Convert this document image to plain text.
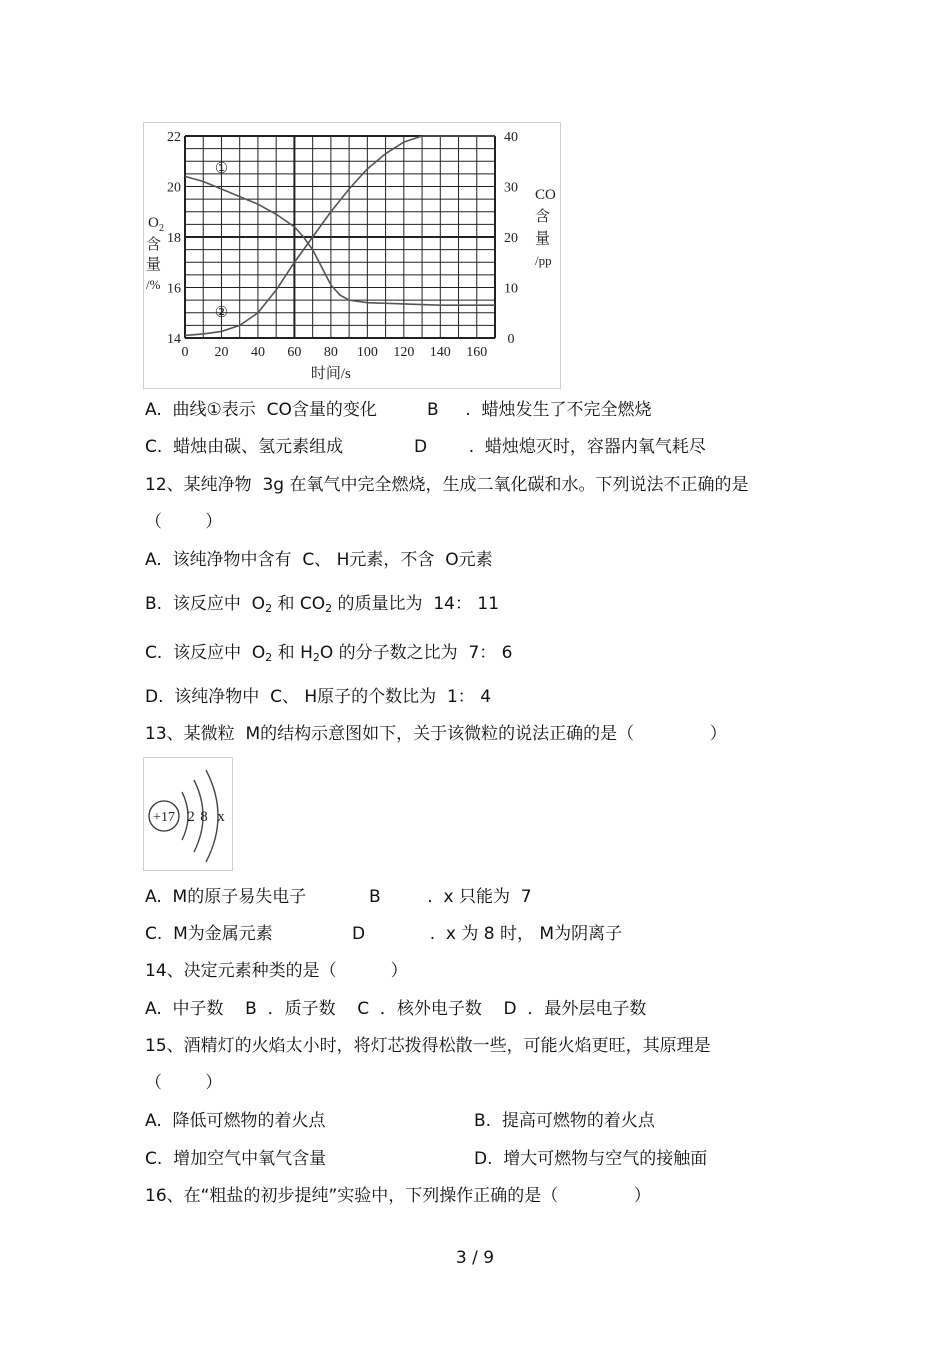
0 20 40 60 80 100 120 140 160
14
16
18
20
22
0
10
20
30
40
时间/s
O 2
含
量
/%
CO
含
量
/pp
①
②
A. 曲线①表示  CO含量的变化	B . 蜡烛发生了不完全燃烧
C. 蜡烛由碳、氢元素组成	D . 蜡烛熄灭时，容器内氧气耗尽
12、某纯净物  3g 在氧气中完全燃烧，生成二氧化碳和水。下列说法不正确的是
（        ）
A.  该纯净物中含有  C、 H元素，不含  O元素
B.  该反应中  $O_2$ 和 $CO_2$ 的质量比为  14： 11
C.  该反应中  $O_2$ 和 $H_2O$ 的分子数之比为  7： 6
D.  该纯净物中  C、 H原子的个数比为  1： 4
13、某微粒  M的结构示意图如下，关于该微粒的说法正确的是（              ）
+17 2 8 x
A. M的原子易失电子	B	. x 只能为  7
C. M为金属元素	D	. x 为 8 时， M为阴离子
14、决定元素种类的是（          ）
A.  中子数    B  ．质子数    C  ．核外电子数    D  ．最外层电子数
15、酒精灯的火焰太小时，将灯芯拨得松散一些，可能火焰更旺，其原理是
（        ）
A.  降低可燃物的着火点	B.  提高可燃物的着火点
C.  增加空气中氧气含量	D.  增大可燃物与空气的接触面
16、在“粗盐的初步提纯”实验中，下列操作正确的是（              ）
3 / 9
